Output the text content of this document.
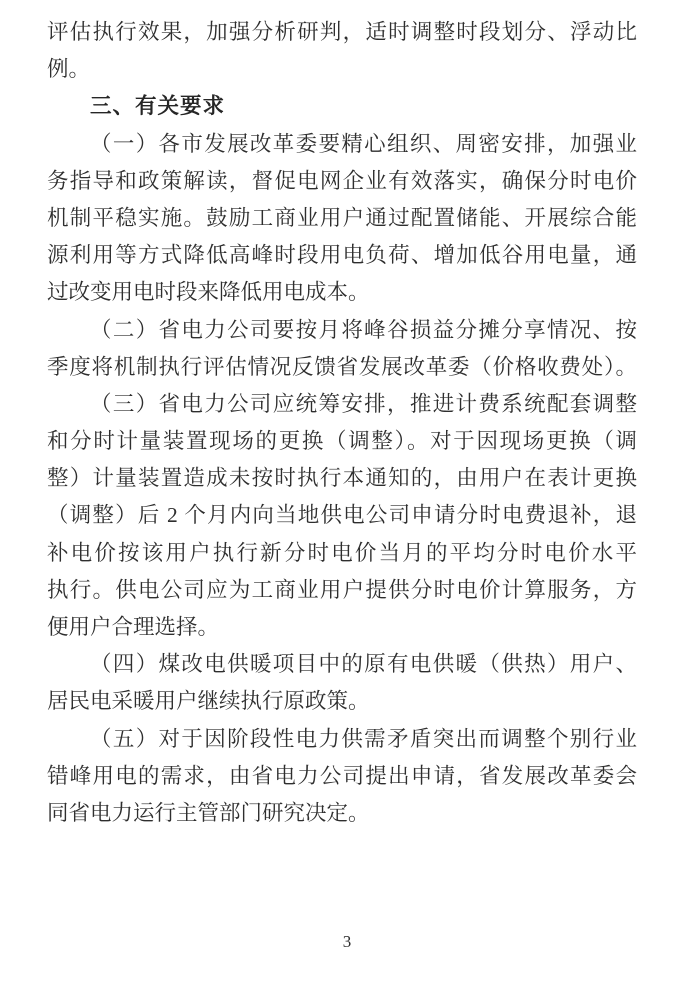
评估执行效果，加强分析研判，适时调整时段划分、浮动比
例。
三、有关要求
（一）各市发展改革委要精心组织、周密安排，加强业
务指导和政策解读，督促电网企业有效落实，确保分时电价
机制平稳实施。鼓励工商业用户通过配置储能、开展综合能
源利用等方式降低高峰时段用电负荷、增加低谷用电量，通
过改变用电时段来降低用电成本。
（二）省电力公司要按月将峰谷损益分摊分享情况、按
季度将机制执行评估情况反馈省发展改革委（价格收费处）。
（三）省电力公司应统筹安排，推进计费系统配套调整
和分时计量装置现场的更换（调整）。对于因现场更换（调
整）计量装置造成未按时执行本通知的，由用户在表计更换
（调整）后 2 个月内向当地供电公司申请分时电费退补，退
补电价按该用户执行新分时电价当月的平均分时电价水平
执行。供电公司应为工商业用户提供分时电价计算服务，方
便用户合理选择。
（四）煤改电供暖项目中的原有电供暖（供热）用户、
居民电采暖用户继续执行原政策。
（五）对于因阶段性电力供需矛盾突出而调整个别行业
错峰用电的需求，由省电力公司提出申请，省发展改革委会
同省电力运行主管部门研究决定。
3
